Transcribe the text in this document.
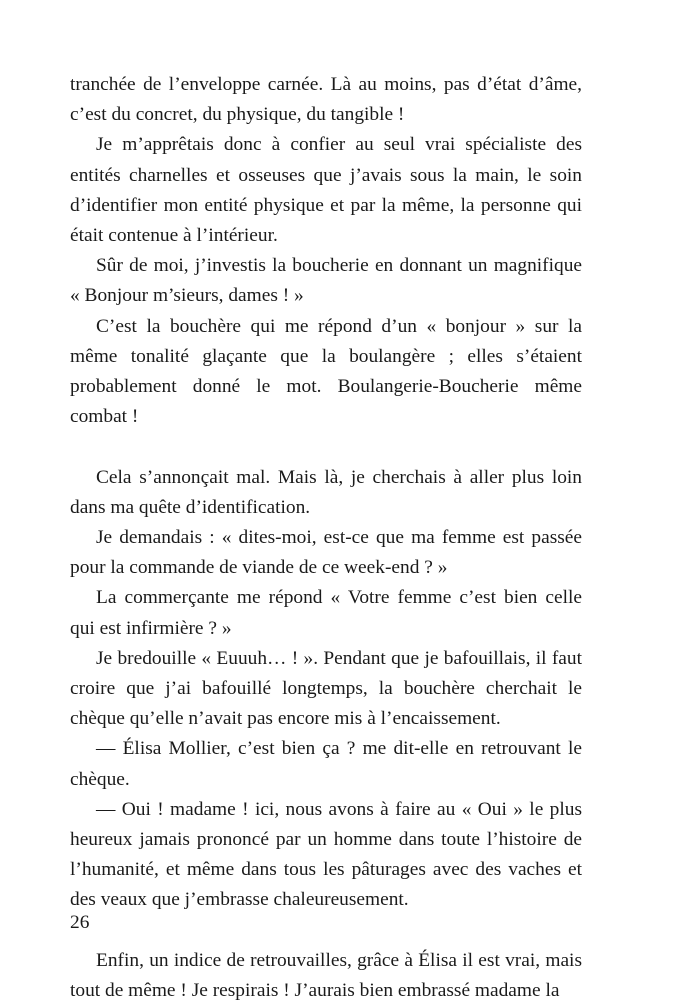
tranchée de l’enveloppe carnée. Là au moins, pas d’état d’âme, c’est du concret, du physique, du tangible !

Je m’apprêtais donc à confier au seul vrai spécialiste des entités charnelles et osseuses que j’avais sous la main, le soin d’identifier mon entité physique et par la même, la personne qui était contenue à l’intérieur.

Sûr de moi, j’investis la boucherie en donnant un magnifique « Bonjour m’sieurs, dames ! »

C’est la bouchère qui me répond d’un « bonjour » sur la même tonalité glaçante que la boulangère ; elles s’étaient probablement donné le mot. Boulangerie-Boucherie même combat !

Cela s’annonçait mal. Mais là, je cherchais à aller plus loin dans ma quête d’identification.

Je demandais : « dites-moi, est-ce que ma femme est passée pour la commande de viande de ce week-end ? »

La commerçante me répond « Votre femme c’est bien celle qui est infirmière ? »

Je bredouille « Euuuh… ! ». Pendant que je bafouillais, il faut croire que j’ai bafouillé longtemps, la bouchère cherchait le chèque qu’elle n’avait pas encore mis à l’encaissement.

— Élisa Mollier, c’est bien ça ? me dit-elle en retrouvant le chèque.

— Oui ! madame ! ici, nous avons à faire au « Oui » le plus heureux jamais prononcé par un homme dans toute l’histoire de l’humanité, et même dans tous les pâturages avec des vaches et des veaux que j’embrasse chaleureusement.

Enfin, un indice de retrouvailles, grâce à Élisa il est vrai, mais tout de même ! Je respirais ! J’aurais bien embrassé madame la

26
